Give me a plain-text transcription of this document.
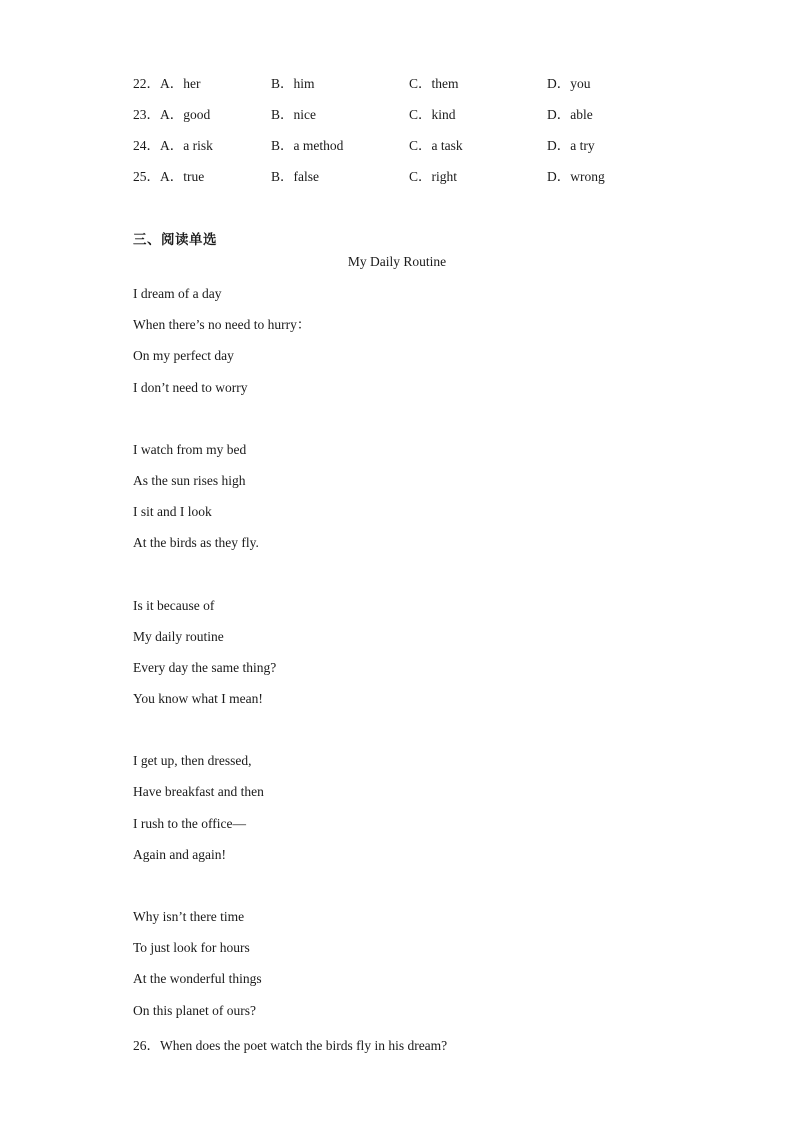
22．A．her	B．him	C．them	D．you
23．A．good	B．nice	C．kind	D．able
24．A．a risk	B．a method	C．a task	D．a try
25．A．true	B．false	C．right	D．wrong
三、阅读单选
My Daily Routine
I dream of a day
When there’s no need to hurry：
On my perfect day
I don’t need to worry
I watch from my bed
As the sun rises high
I sit and I look
At the birds as they fly.
Is it because of
My daily routine
Every day the same thing?
You know what I mean!
I get up, then dressed,
Have breakfast and then
I rush to the office—
Again and again!
Why isn’t there time
To just look for hours
At the wonderful things
On this planet of ours?
26．When does the poet watch the birds fly in his dream?
